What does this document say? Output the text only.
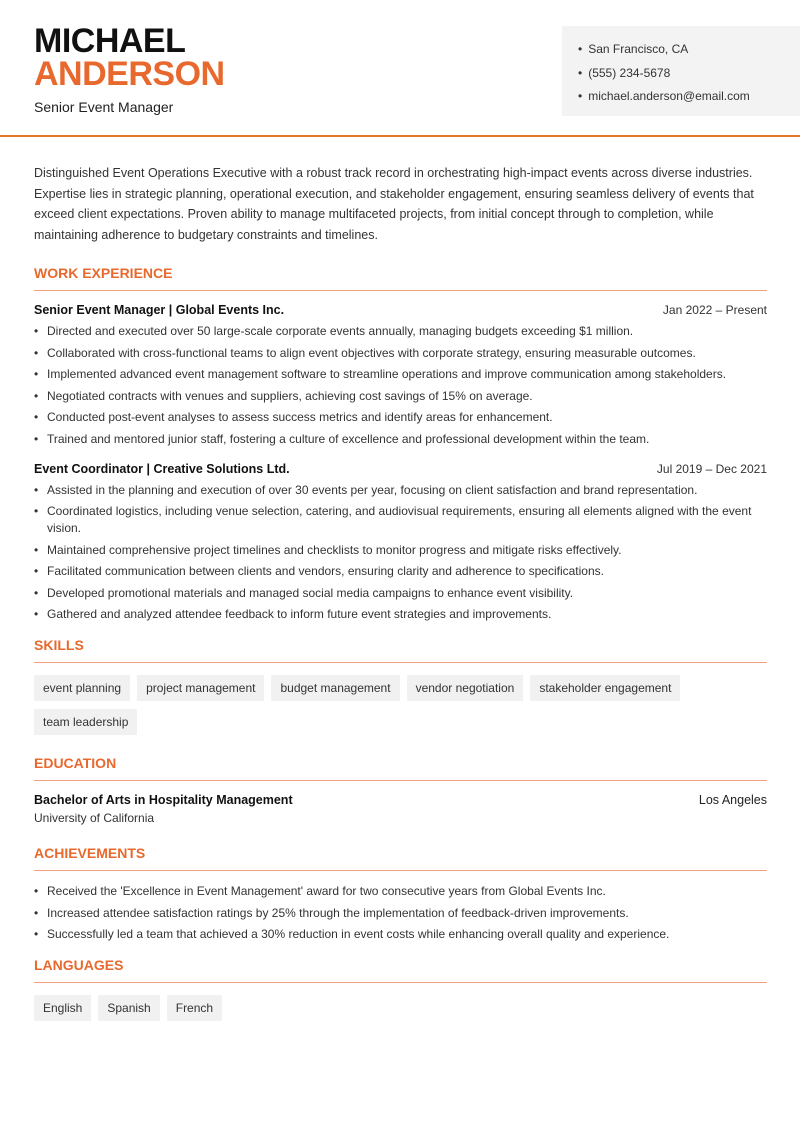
MICHAEL
ANDERSON
Senior Event Manager
• San Francisco, CA
• (555) 234-5678
• michael.anderson@email.com

Distinguished Event Operations Executive with a robust track record in orchestrating high-impact events across diverse industries. Expertise lies in strategic planning, operational execution, and stakeholder engagement, ensuring seamless delivery of events that exceed client expectations. Proven ability to manage multifaceted projects, from initial concept through to completion, while maintaining adherence to budgetary constraints and timelines.

WORK EXPERIENCE
Senior Event Manager | Global Events Inc.	Jan 2022 – Present
• Directed and executed over 50 large-scale corporate events annually, managing budgets exceeding $1 million.
• Collaborated with cross-functional teams to align event objectives with corporate strategy, ensuring measurable outcomes.
• Implemented advanced event management software to streamline operations and improve communication among stakeholders.
• Negotiated contracts with venues and suppliers, achieving cost savings of 15% on average.
• Conducted post-event analyses to assess success metrics and identify areas for enhancement.
• Trained and mentored junior staff, fostering a culture of excellence and professional development within the team.
Event Coordinator | Creative Solutions Ltd.	Jul 2019 – Dec 2021
• Assisted in the planning and execution of over 30 events per year, focusing on client satisfaction and brand representation.
• Coordinated logistics, including venue selection, catering, and audiovisual requirements, ensuring all elements aligned with the event vision.
• Maintained comprehensive project timelines and checklists to monitor progress and mitigate risks effectively.
• Facilitated communication between clients and vendors, ensuring clarity and adherence to specifications.
• Developed promotional materials and managed social media campaigns to enhance event visibility.
• Gathered and analyzed attendee feedback to inform future event strategies and improvements.
SKILLS
event planning	project management	budget management	vendor negotiation	stakeholder engagement
team leadership
EDUCATION
Bachelor of Arts in Hospitality Management	Los Angeles
University of California
ACHIEVEMENTS
• Received the 'Excellence in Event Management' award for two consecutive years from Global Events Inc.
• Increased attendee satisfaction ratings by 25% through the implementation of feedback-driven improvements.
• Successfully led a team that achieved a 30% reduction in event costs while enhancing overall quality and experience.
LANGUAGES
English	Spanish	French
